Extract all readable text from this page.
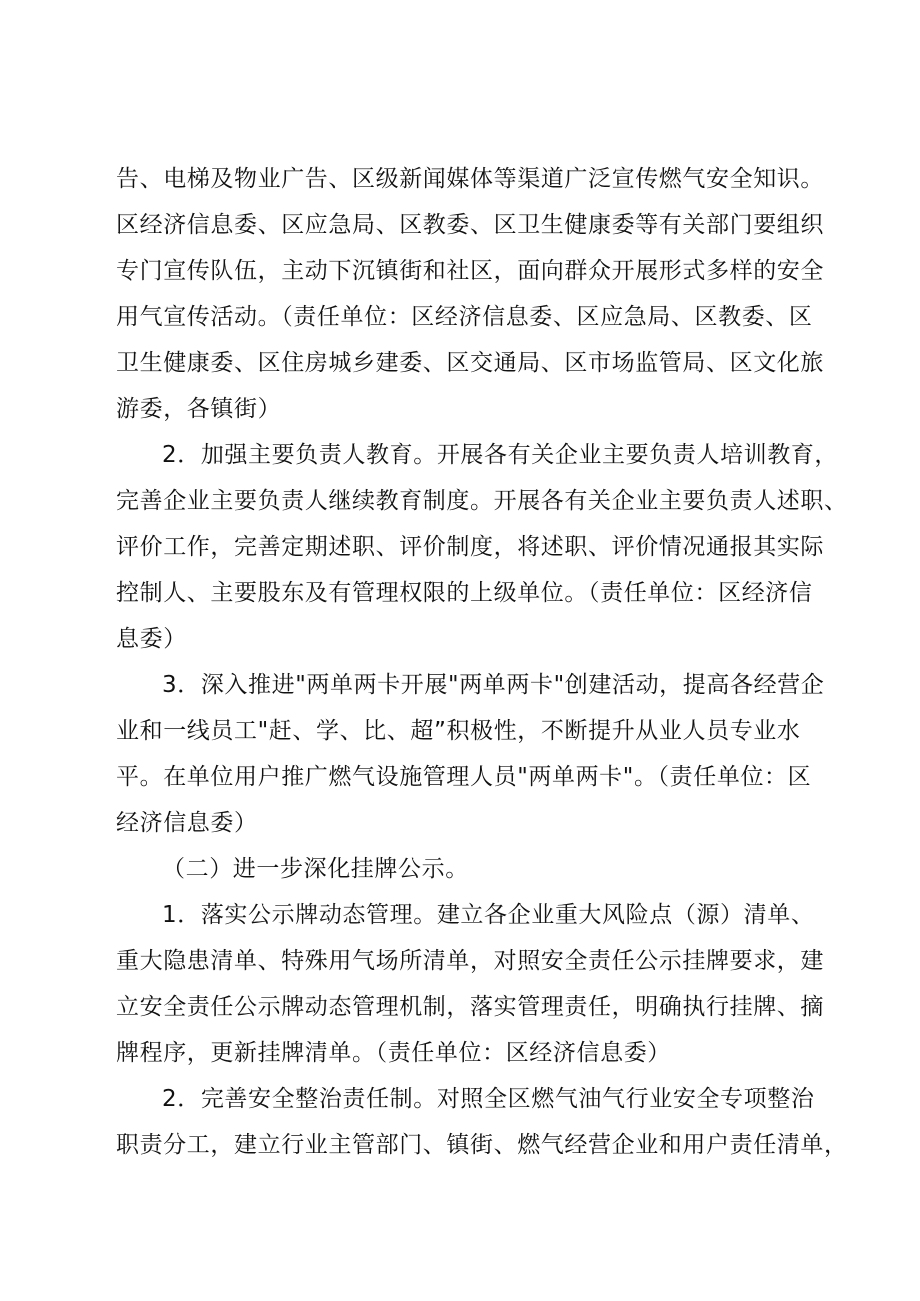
告、电梯及物业广告、区级新闻媒体等渠道广泛宣传燃气安全知识。
区经济信息委、区应急局、区教委、区卫生健康委等有关部门要组织
专门宣传队伍，主动下沉镇街和社区，面向群众开展形式多样的安全
用气宣传活动。（责任单位：区经济信息委、区应急局、区教委、区
卫生健康委、区住房城乡建委、区交通局、区市场监管局、区文化旅
游委，各镇街）
2．加强主要负责人教育。开展各有关企业主要负责人培训教育，
完善企业主要负责人继续教育制度。开展各有关企业主要负责人述职、
评价工作，完善定期述职、评价制度，将述职、评价情况通报其实际
控制人、主要股东及有管理权限的上级单位。（责任单位：区经济信
息委）
3．深入推进"两单两卡开展"两单两卡"创建活动，提高各经营企
业和一线员工"赶、学、比、超”积极性，不断提升从业人员专业水
平。在单位用户推广燃气设施管理人员"两单两卡"。（责任单位：区
经济信息委）
（二）进一步深化挂牌公示。
1．落实公示牌动态管理。建立各企业重大风险点（源）清单、
重大隐患清单、特殊用气场所清单，对照安全责任公示挂牌要求，建
立安全责任公示牌动态管理机制，落实管理责任，明确执行挂牌、摘
牌程序，更新挂牌清单。（责任单位：区经济信息委）
2．完善安全整治责任制。对照全区燃气油气行业安全专项整治
职责分工，建立行业主管部门、镇街、燃气经营企业和用户责任清单，
